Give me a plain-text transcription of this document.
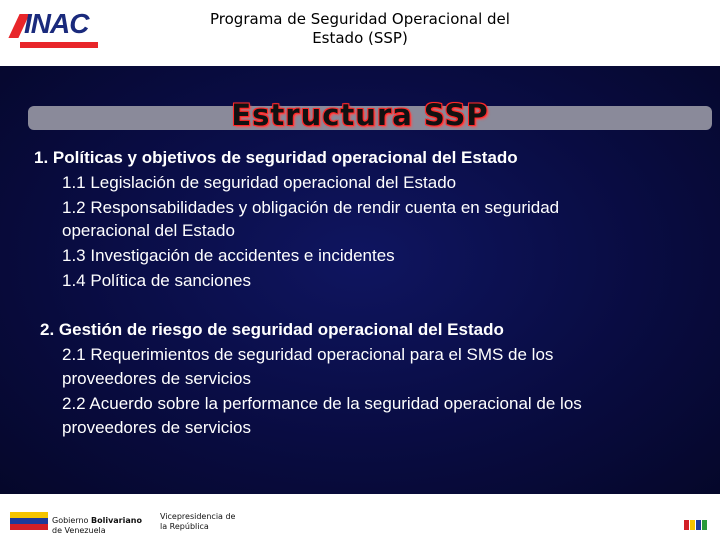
INAC	Programa de Seguridad Operacional del
Estado (SSP)
Estructura SSP
1. Políticas y objetivos de seguridad operacional del Estado
1.1 Legislación de seguridad operacional del Estado
1.2 Responsabilidades y obligación de rendir cuenta en seguridad
operacional del Estado
1.3 Investigación de accidentes e incidentes
1.4 Política de sanciones
2. Gestión de riesgo de seguridad operacional del Estado
2.1 Requerimientos de seguridad operacional para el SMS de los
proveedores de servicios
2.2 Acuerdo sobre la performance de la seguridad operacional de los
proveedores de servicios
Gobierno Bolivariano
de Venezuela
Vicepresidencia de
la República
